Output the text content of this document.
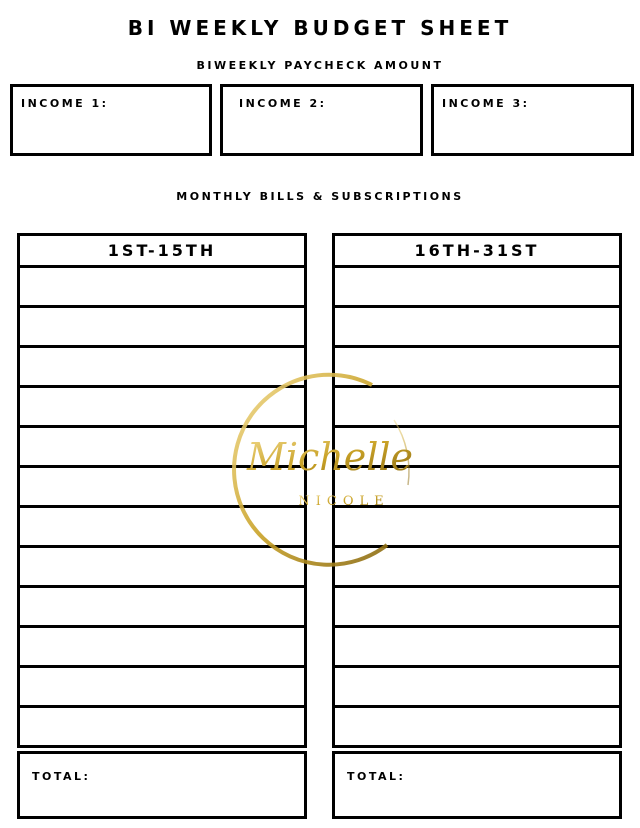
BI WEEKLY BUDGET SHEET
BIWEEKLY PAYCHECK AMOUNT
INCOME 1:	INCOME 2:	INCOME 3:
MONTHLY BILLS & SUBSCRIPTIONS
1ST-15TH	16TH-31ST
TOTAL:	TOTAL:
Michelle
NICOLE
